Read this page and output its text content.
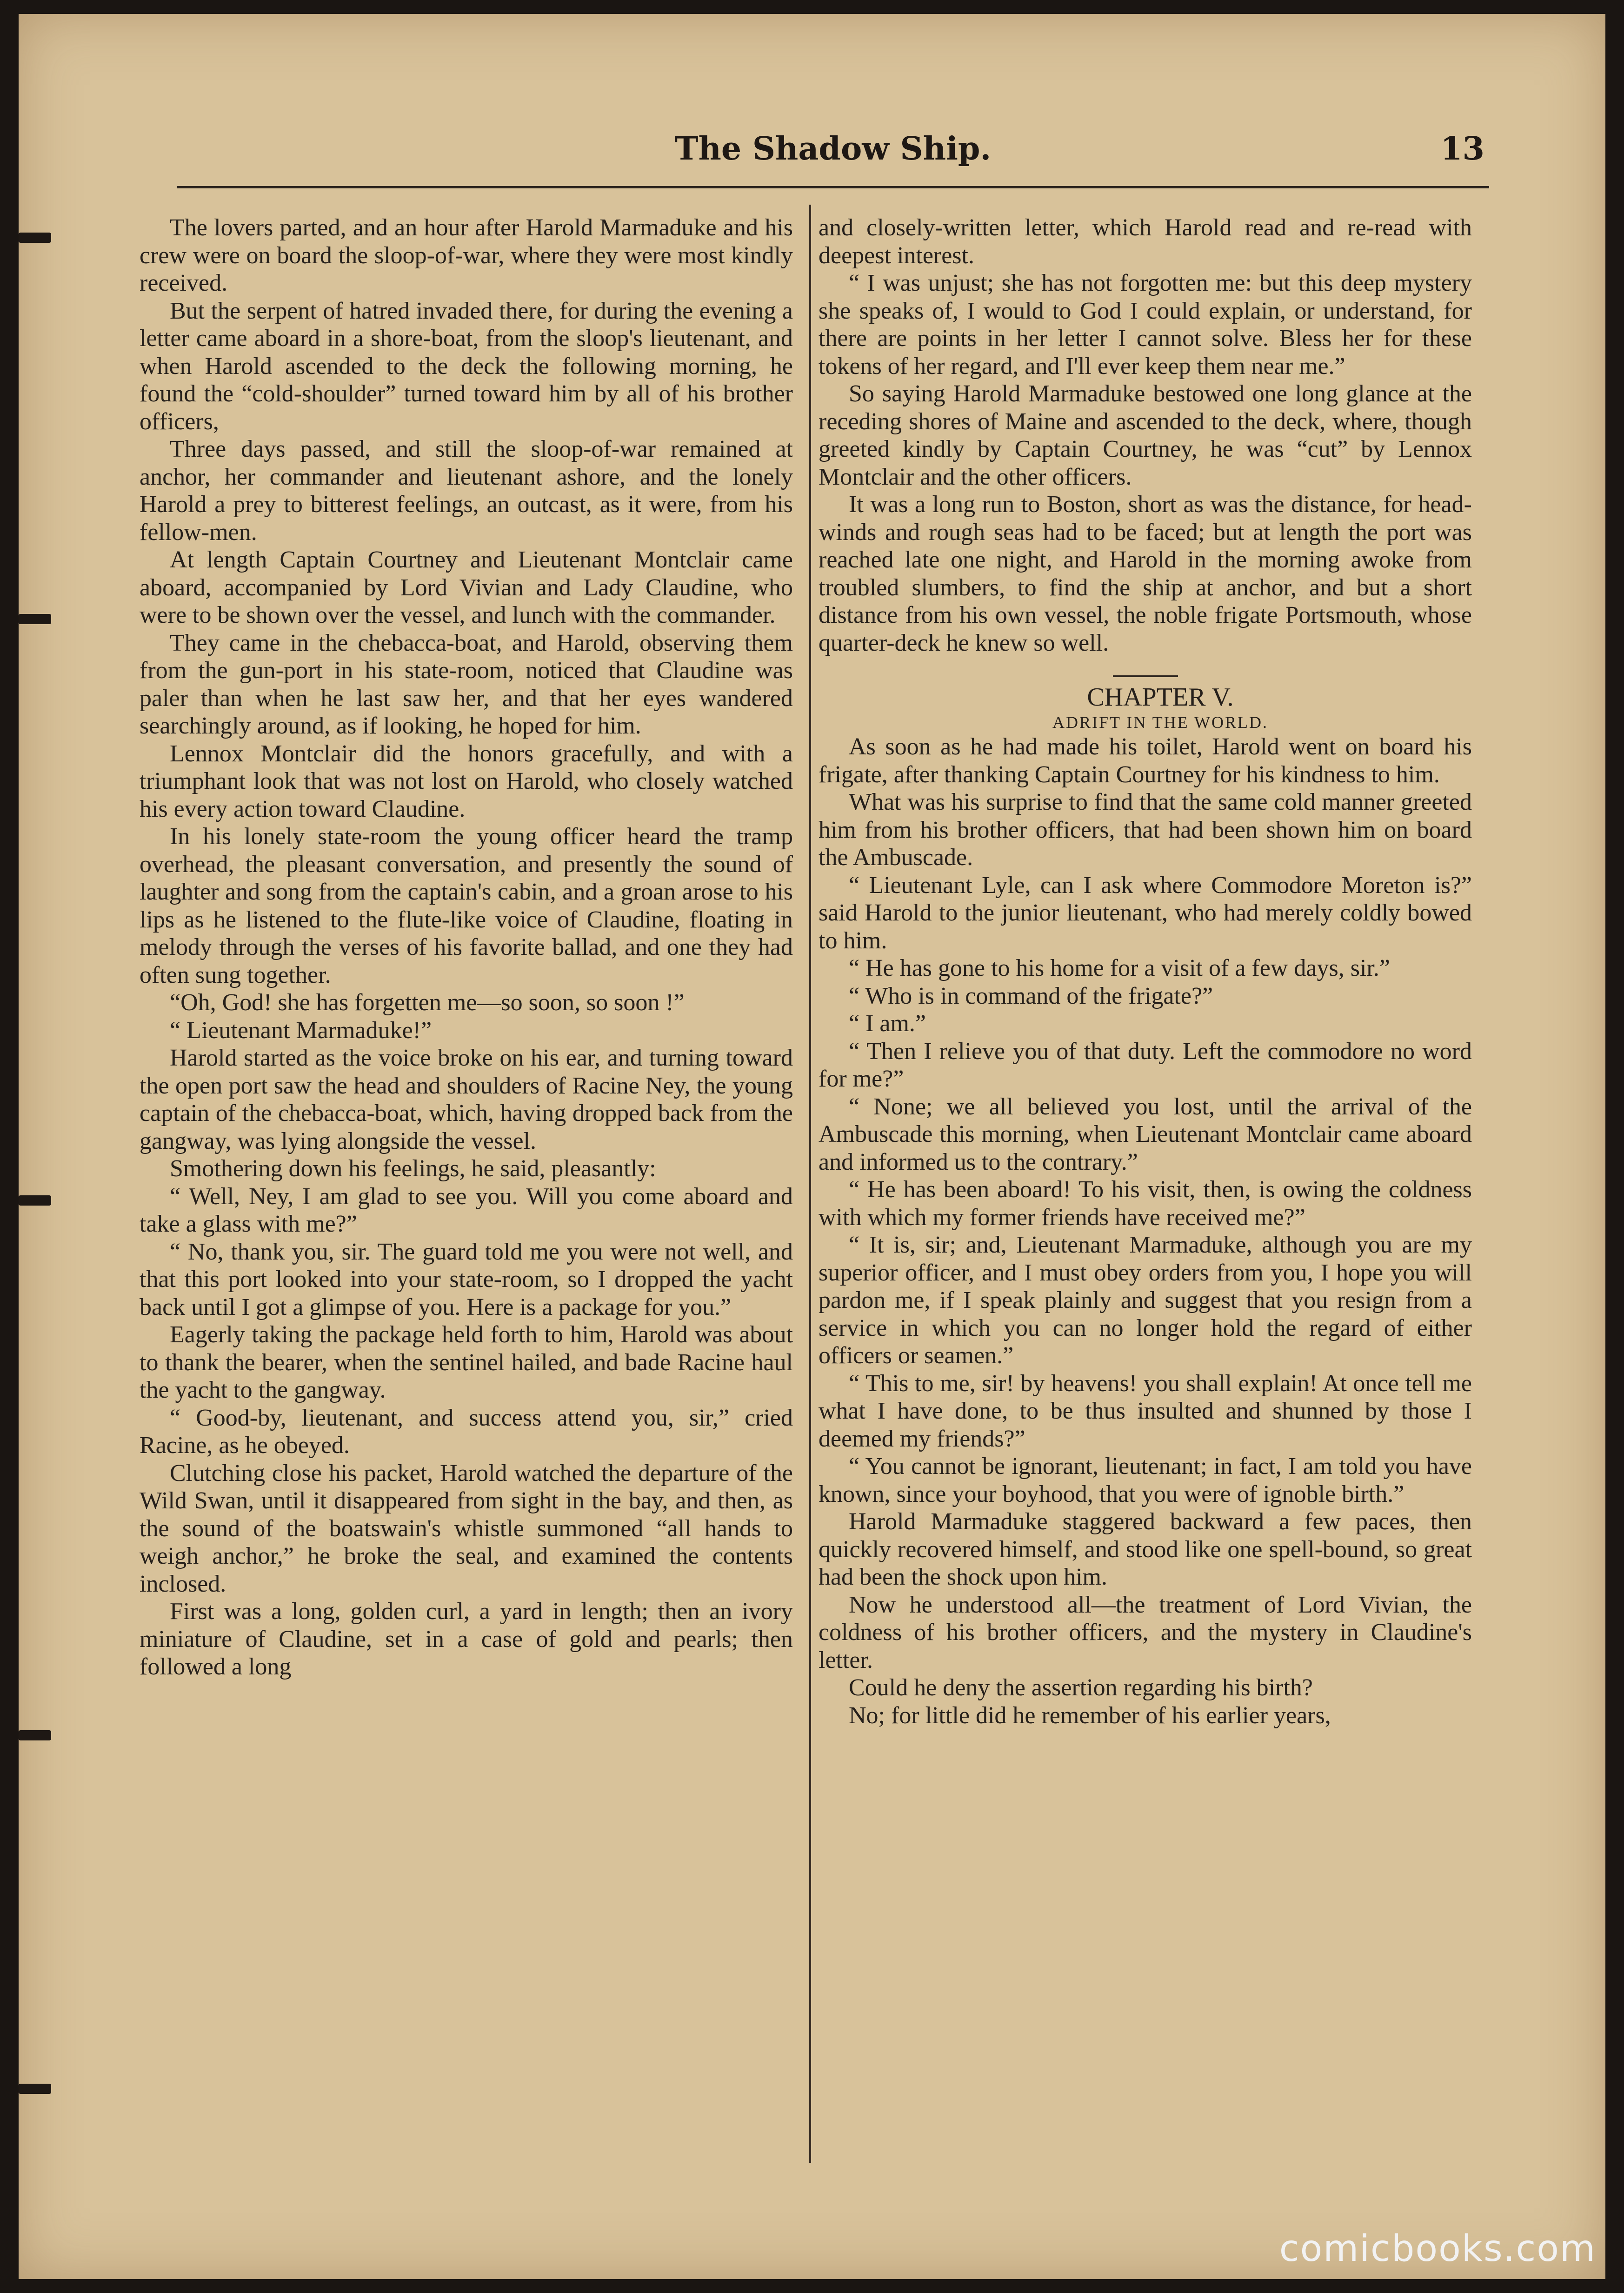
The Shadow Ship.	13

The lovers parted, and an hour after Harold Marmaduke and his crew were on board the sloop-of-war, where they were most kindly received.

But the serpent of hatred invaded there, for during the evening a letter came aboard in a shore-boat, from the sloop's lieutenant, and when Harold ascended to the deck the following morning, he found the “cold-shoulder” turned toward him by all of his brother officers,

Three days passed, and still the sloop-of-war remained at anchor, her commander and lieutenant ashore, and the lonely Harold a prey to bitterest feelings, an outcast, as it were, from his fellow-men.

At length Captain Courtney and Lieutenant Montclair came aboard, accompanied by Lord Vivian and Lady Claudine, who were to be shown over the vessel, and lunch with the commander.

They came in the chebacca-boat, and Harold, observing them from the gun-port in his state-room, noticed that Claudine was paler than when he last saw her, and that her eyes wandered searchingly around, as if looking, he hoped for him.

Lennox Montclair did the honors gracefully, and with a triumphant look that was not lost on Harold, who closely watched his every action toward Claudine.

In his lonely state-room the young officer heard the tramp overhead, the pleasant conversation, and presently the sound of laughter and song from the captain's cabin, and a groan arose to his lips as he listened to the flute-like voice of Claudine, floating in melody through the verses of his favorite ballad, and one they had often sung together.

“Oh, God! she has forgetten me—so soon, so soon !”

“ Lieutenant Marmaduke!”

Harold started as the voice broke on his ear, and turning toward the open port saw the head and shoulders of Racine Ney, the young captain of the chebacca-boat, which, having dropped back from the gangway, was lying alongside the vessel.

Smothering down his feelings, he said, pleasantly:

“ Well, Ney, I am glad to see you. Will you come aboard and take a glass with me?”

“ No, thank you, sir. The guard told me you were not well, and that this port looked into your state-room, so I dropped the yacht back until I got a glimpse of you. Here is a package for you.”

Eagerly taking the package held forth to him, Harold was about to thank the bearer, when the sentinel hailed, and bade Racine haul the yacht to the gangway.

“ Good-by, lieutenant, and success attend you, sir,” cried Racine, as he obeyed.

Clutching close his packet, Harold watched the departure of the Wild Swan, until it disappeared from sight in the bay, and then, as the sound of the boatswain's whistle summoned “all hands to weigh anchor,” he broke the seal, and examined the contents inclosed.

First was a long, golden curl, a yard in length; then an ivory miniature of Claudine, set in a case of gold and pearls; then followed a long

and closely-written letter, which Harold read and re-read with deepest interest.

“ I was unjust; she has not forgotten me: but this deep mystery she speaks of, I would to God I could explain, or understand, for there are points in her letter I cannot solve. Bless her for these tokens of her regard, and I'll ever keep them near me.”

So saying Harold Marmaduke bestowed one long glance at the receding shores of Maine and ascended to the deck, where, though greeted kindly by Captain Courtney, he was “cut” by Lennox Montclair and the other officers.

It was a long run to Boston, short as was the distance, for head-winds and rough seas had to be faced; but at length the port was reached late one night, and Harold in the morning awoke from troubled slumbers, to find the ship at anchor, and but a short distance from his own vessel, the noble frigate Portsmouth, whose quarter-deck he knew so well.

CHAPTER V.

ADRIFT IN THE WORLD.

As soon as he had made his toilet, Harold went on board his frigate, after thanking Captain Courtney for his kindness to him.

What was his surprise to find that the same cold manner greeted him from his brother officers, that had been shown him on board the Ambuscade.

“ Lieutenant Lyle, can I ask where Commodore Moreton is?” said Harold to the junior lieutenant, who had merely coldly bowed to him.

“ He has gone to his home for a visit of a few days, sir.”

“ Who is in command of the frigate?”

“ I am.”

“ Then I relieve you of that duty. Left the commodore no word for me?”

“ None; we all believed you lost, until the arrival of the Ambuscade this morning, when Lieutenant Montclair came aboard and informed us to the contrary.”

“ He has been aboard! To his visit, then, is owing the coldness with which my former friends have received me?”

“ It is, sir; and, Lieutenant Marmaduke, although you are my superior officer, and I must obey orders from you, I hope you will pardon me, if I speak plainly and suggest that you resign from a service in which you can no longer hold the regard of either officers or seamen.”

“ This to me, sir! by heavens! you shall explain! At once tell me what I have done, to be thus insulted and shunned by those I deemed my friends?”

“ You cannot be ignorant, lieutenant; in fact, I am told you have known, since your boyhood, that you were of ignoble birth.”

Harold Marmaduke staggered backward a few paces, then quickly recovered himself, and stood like one spell-bound, so great had been the shock upon him.

Now he understood all—the treatment of Lord Vivian, the coldness of his brother officers, and the mystery in Claudine's letter.

Could he deny the assertion regarding his birth?

No; for little did he remember of his earlier years,

comicbooks.com
